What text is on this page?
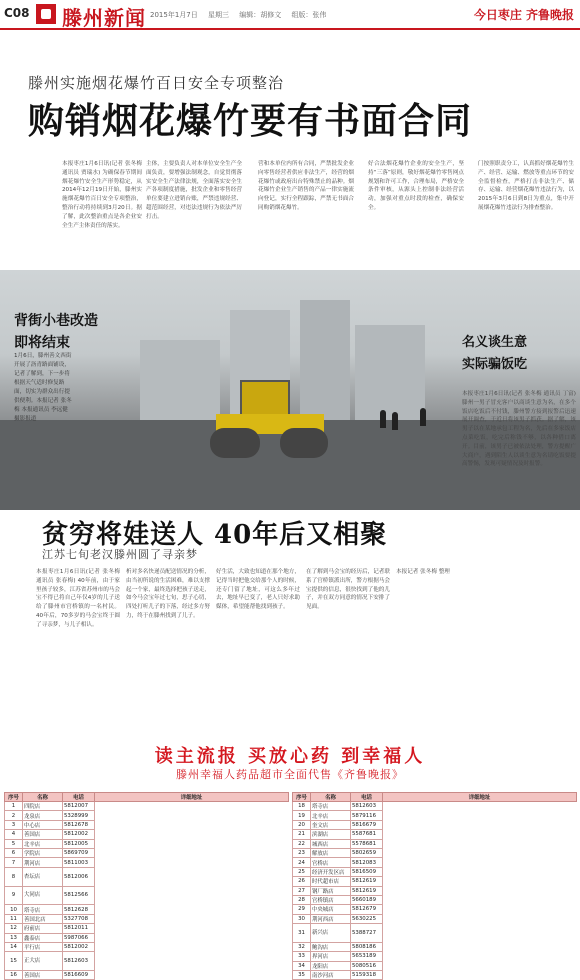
C08 滕州新闻 2015年1月7日 星期三 编辑：胡修文 组版：张伟	今日枣庄 齐鲁晚报
滕州实施烟花爆竹百日安全专项整治
购销烟花爆竹要有书面合同
本报枣庄1月6日讯(记者 张冬梅 通讯员 贾瑞水) 为确保春节期间烟花爆竹安全生产形势稳定，从2014年12月19日开始，滕州实施烟花爆竹百日安全专项整治，整治行动将持续到3月20日。据了解，此次整治重点是各企业安全生产主体责任的落实。
主体，主要负责人对本单位安全生产全面负责，要增强法制观念，自觉贯彻落实安全生产法律法规，全面落实安全生产各项制度措施，批发企业和零售经营单位要建立进销台账，严禁违规经营、超范围经营，对违法违规行为依法严厉打击。
营和本单位内所有合同，严禁批发企业向零售经营者供应非法生产，经营的烟花爆竹或政府出台特殊禁止的品种。烟花爆竹企业生产销售的产品一律实施流向登记，实行全程跟踪，严禁无书面合同购销烟花爆竹。
好合法烟花爆竹企业的安全生产，坚持“三落”原则，敬好烟花爆竹零售网点规划和许可工作，合理布局，严格安全条件审核，从源头上控制非法经营活动，加强对重点时段的检查，确保安全。
门按照职责分工，认真抓好烟花爆竹生产、经营、运输、燃放等重点环节的安全监督检查，严格打击非法生产、储存、运输、经营烟花爆竹违法行为，以2015年3月6日到8日为重点，集中开展烟花爆竹违法行为排查整治。
背街小巷改造
即将结束
1月6日，滕州善文西街开展了沥青路面铺设，记者了解到，下一步将根据天气适时修复路面，切实为群众出行提供便利。本报记者 张冬梅 本报通讯员 李远健 摄影报道
名义谈生意
实际骗饭吃
本报枣庄1月6日讯(记者 张冬梅 通讯员 丁富) 滕州一男子冒充客户以商谈生意为名，在多个饭店吃饭后不付钱，滕州警方接到报警后迅速展开调查，于近日将该男子抓获。据了解，该男子以在某地承包工程为名，先后在多家饭店点菜吃饭，吃完后称钱不够，以各种借口离开。目前，该男子已被依法处理，警方提醒广大商户，遇到陌生人以谈生意为名请吃饭要提高警惕，发现可疑情况及时报警。
贫穷将娃送人 40年后又相聚
江苏七旬老汉滕州圆了寻亲梦
本报枣庄1月6日讯(记者 张冬梅 通讯员 张春梅) 40年前，由于家里孩子较多，江苏省苏州市的马会宝不得已将自己年仅4岁的儿子送给了滕州市官桥镇的一名村民。40年后，70多岁的马会宝终于圆了寻亲梦，与儿子相认。
析对多名快递员配送情况的分析，由当初所说的生活困难，难以支撑起一个家，最终选择把孩子送走，如今马会宝年过七旬，思子心切，四处打听儿子的下落，经过多方努力，终于在滕州找到了儿子。
好生活，大致也知道在那个地方，记得当时把他交给那个人的时候，还专门留了地址，可这么多年过去，地址早已变了，老人只好求助媒体，希望能帮他找到孩子。
在了解到马会宝的经历后，记者联系了官桥镇派出所，警方根据马会宝提供的信息，很快找到了他的儿子，并在双方同意的情况下安排了见面。
本报记者 张冬梅 整理
读主流报 买放心药 到幸福人
滕州幸福人药品超市全面代售《齐鲁晚报》
序号	名称	电话	详细地址
1	四院店	5812007	

2	龙泉店	5328999	

3	中心店	5812678	

4	善国店	5812002	

5	北辛店	5812005	

6	学院店	5869709	

7	荆河店	5811003	

8	杏坛店	5812006	

9	大同店	5812566	

10	塔寺店	5812628	

11	善国北店	5327708	

12	府前店	5812011	

13	鑫泰店	5987066	

14	平行店	5812002	

15	正大店	5812603	

16	善国店	5816609	

序号	名称	电话	详细地址
18	塔寺店	5812603	

19	北辛店	5879116	

20	奎文店	5816679	

21	滨湖店	5587681	

22	城西店	5578681	

23	解放店	5802659	

24	官桥店	5812083	

25	经济开发区店	5816509	

26	时代超市店	5812619	

27	钢厂路店	5812619	

28	官桥镇店	5660189	

29	中央城店	5812679	

30	荆河西店	5630225	

31	新兴店	5388727	

32	鲍沟店	5808186	

33	界河店	5653189	

34	龙阳店	5080516	

35	南沙河店	5159318	
